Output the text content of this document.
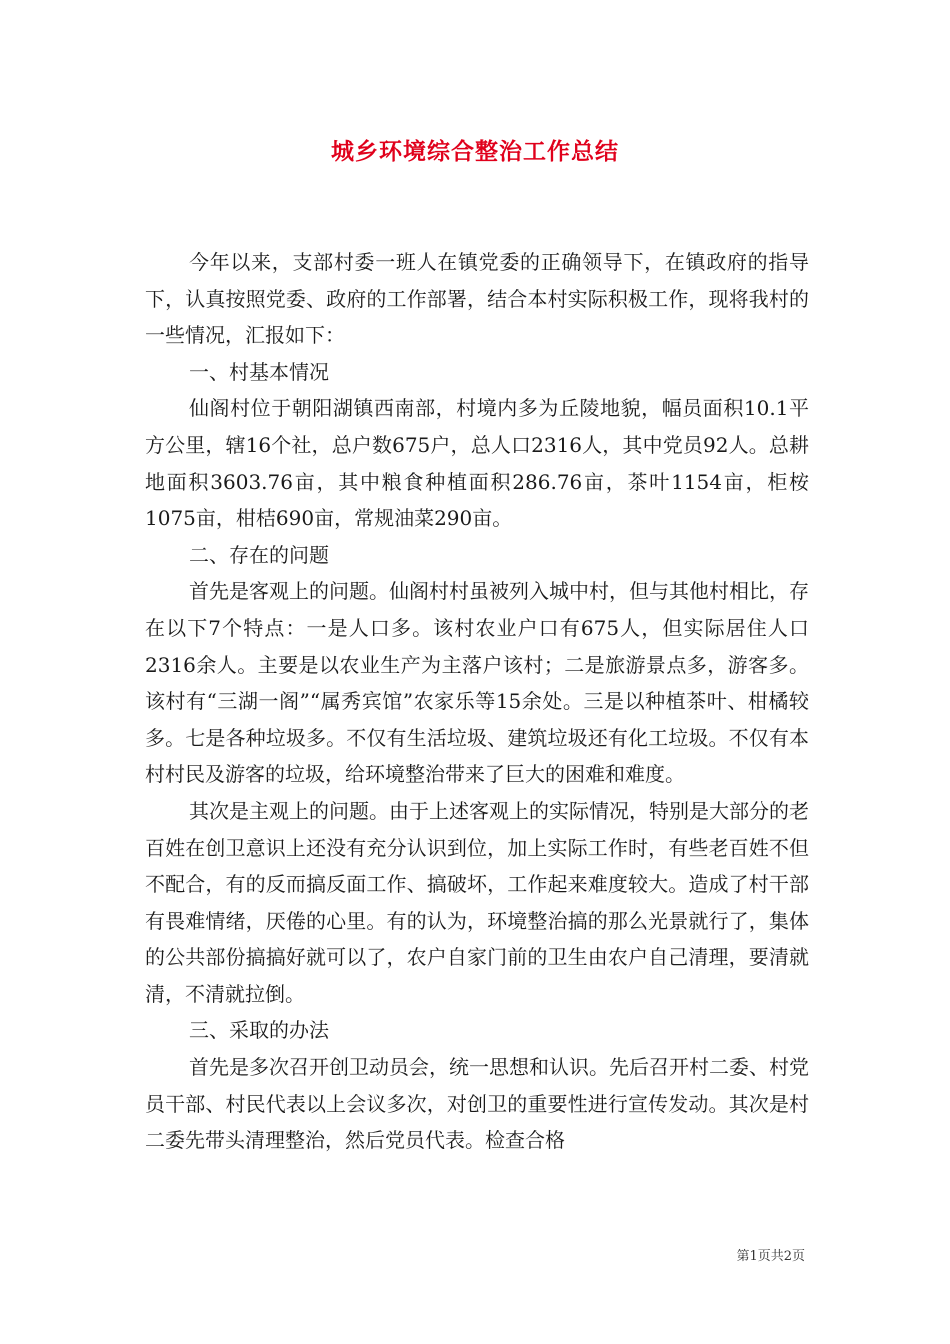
城乡环境综合整治工作总结

今年以来，支部村委一班人在镇党委的正确领导下，在镇政府的指导下，认真按照党委、政府的工作部署，结合本村实际积极工作，现将我村的一些情况，汇报如下：

一、村基本情况

仙阁村位于朝阳湖镇西南部，村境内多为丘陵地貌，幅员面积10.1平方公里，辖16个社，总户数675户，总人口2316人，其中党员92人。总耕地面积3603.76亩，其中粮食种植面积286.76亩，茶叶1154亩，柜桉1075亩，柑桔690亩，常规油菜290亩。

二、存在的问题

首先是客观上的问题。仙阁村村虽被列入城中村，但与其他村相比，存在以下7个特点：一是人口多。该村农业户口有675人，但实际居住人口2316余人。主要是以农业生产为主落户该村；二是旅游景点多，游客多。该村有“三湖一阁”“属秀宾馆”农家乐等15余处。三是以种植茶叶、柑橘较多。七是各种垃圾多。不仅有生活垃圾、建筑垃圾还有化工垃圾。不仅有本村村民及游客的垃圾，给环境整治带来了巨大的困难和难度。

其次是主观上的问题。由于上述客观上的实际情况，特别是大部分的老百姓在创卫意识上还没有充分认识到位，加上实际工作时，有些老百姓不但不配合，有的反而搞反面工作、搞破坏，工作起来难度较大。造成了村干部有畏难情绪，厌倦的心里。有的认为，环境整治搞的那么光景就行了，集体的公共部份搞搞好就可以了，农户自家门前的卫生由农户自己清理，要清就清，不清就拉倒。

三、采取的办法

首先是多次召开创卫动员会，统一思想和认识。先后召开村二委、村党员干部、村民代表以上会议多次，对创卫的重要性进行宣传发动。其次是村二委先带头清理整治，然后党员代表。检查合格

第1页共2页
